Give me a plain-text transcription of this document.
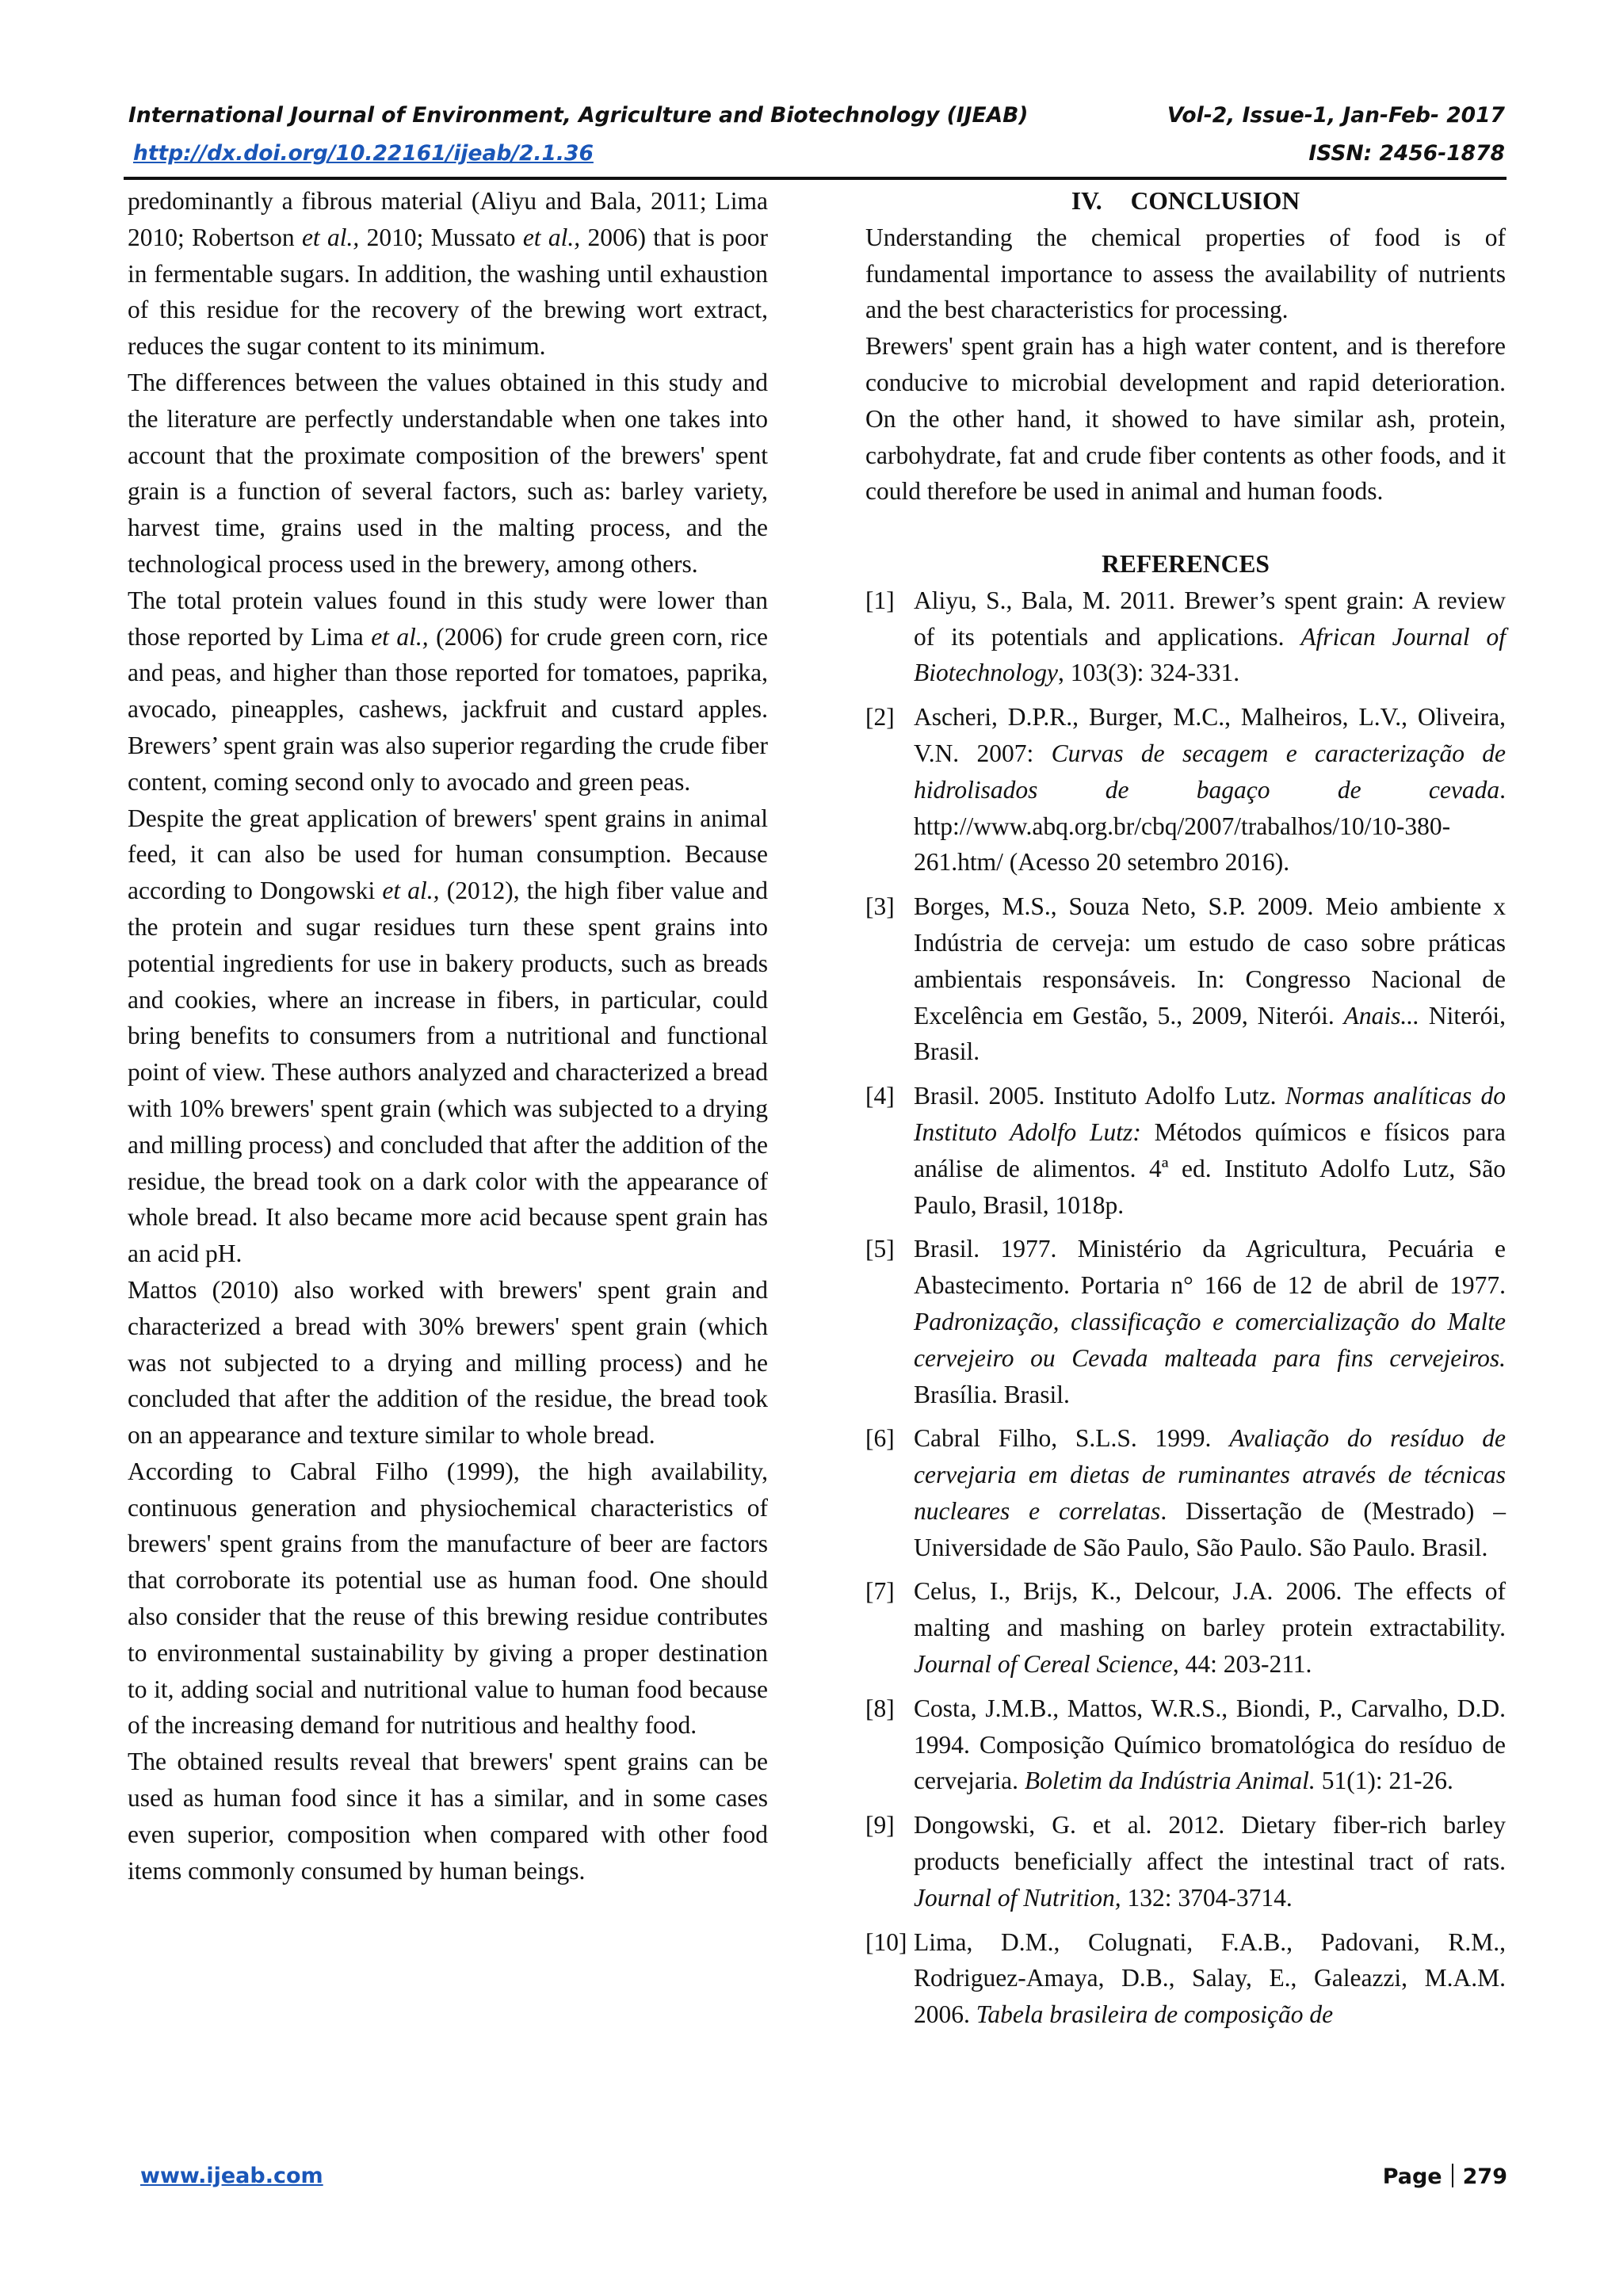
International Journal of Environment, Agriculture and Biotechnology (IJEAB)	Vol-2, Issue-1, Jan-Feb- 2017
http://dx.doi.org/10.22161/ijeab/2.1.36	ISSN: 2456-1878

predominantly a fibrous material (Aliyu and Bala, 2011; Lima 2010; Robertson et al., 2010; Mussato et al., 2006) that is poor in fermentable sugars. In addition, the washing until exhaustion of this residue for the recovery of the brewing wort extract, reduces the sugar content to its minimum.

The differences between the values obtained in this study and the literature are perfectly understandable when one takes into account that the proximate composition of the brewers' spent grain is a function of several factors, such as: barley variety, harvest time, grains used in the malting process, and the technological process used in the brewery, among others.

The total protein values found in this study were lower than those reported by Lima et al., (2006) for crude green corn, rice and peas, and higher than those reported for tomatoes, paprika, avocado, pineapples, cashews, jackfruit and custard apples. Brewers’ spent grain was also superior regarding the crude fiber content, coming second only to avocado and green peas.

Despite the great application of brewers' spent grains in animal feed, it can also be used for human consumption. Because according to Dongowski et al., (2012), the high fiber value and the protein and sugar residues turn these spent grains into potential ingredients for use in bakery products, such as breads and cookies, where an increase in fibers, in particular, could bring benefits to consumers from a nutritional and functional point of view. These authors analyzed and characterized a bread with 10% brewers' spent grain (which was subjected to a drying and milling process) and concluded that after the addition of the residue, the bread took on a dark color with the appearance of whole bread. It also became more acid because spent grain has an acid pH.

Mattos (2010) also worked with brewers' spent grain and characterized a bread with 30% brewers' spent grain (which was not subjected to a drying and milling process) and he concluded that after the addition of the residue, the bread took on an appearance and texture similar to whole bread.

According to Cabral Filho (1999), the high availability, continuous generation and physiochemical characteristics of brewers' spent grains from the manufacture of beer are factors that corroborate its potential use as human food. One should also consider that the reuse of this brewing residue contributes to environmental sustainability by giving a proper destination to it, adding social and nutritional value to human food because of the increasing demand for nutritious and healthy food.

The obtained results reveal that brewers' spent grains can be used as human food since it has a similar, and in some cases even superior, composition when compared with other food items commonly consumed by human beings.

IV. CONCLUSION

Understanding the chemical properties of food is of fundamental importance to assess the availability of nutrients and the best characteristics for processing.

Brewers' spent grain has a high water content, and is therefore conducive to microbial development and rapid deterioration. On the other hand, it showed to have similar ash, protein, carbohydrate, fat and crude fiber contents as other foods, and it could therefore be used in animal and human foods.

REFERENCES
[1] Aliyu, S., Bala, M. 2011. Brewer’s spent grain: A review of its potentials and applications. African Journal of Biotechnology, 103(3): 324-331.
[2] Ascheri, D.P.R., Burger, M.C., Malheiros, L.V., Oliveira, V.N. 2007: Curvas de secagem e caracterização de hidrolisados de bagaço de cevada. http://www.abq.org.br/cbq/2007/trabalhos/10/10-380-261.htm/ (Acesso 20 setembro 2016).
[3] Borges, M.S., Souza Neto, S.P. 2009. Meio ambiente x Indústria de cerveja: um estudo de caso sobre práticas ambientais responsáveis. In: Congresso Nacional de Excelência em Gestão, 5., 2009, Niterói. Anais... Niterói, Brasil.
[4] Brasil. 2005. Instituto Adolfo Lutz. Normas analíticas do Instituto Adolfo Lutz: Métodos químicos e físicos para análise de alimentos. 4ª ed. Instituto Adolfo Lutz, São Paulo, Brasil, 1018p.
[5] Brasil. 1977. Ministério da Agricultura, Pecuária e Abastecimento. Portaria n° 166 de 12 de abril de 1977. Padronização, classificação e comercialização do Malte cervejeiro ou Cevada malteada para fins cervejeiros. Brasília. Brasil.
[6] Cabral Filho, S.L.S. 1999. Avaliação do resíduo de cervejaria em dietas de ruminantes através de técnicas nucleares e correlatas. Dissertação de (Mestrado) – Universidade de São Paulo, São Paulo. São Paulo. Brasil.
[7] Celus, I., Brijs, K., Delcour, J.A. 2006. The effects of malting and mashing on barley protein extractability. Journal of Cereal Science, 44: 203-211.
[8] Costa, J.M.B., Mattos, W.R.S., Biondi, P., Carvalho, D.D. 1994. Composição Químico bromatológica do resíduo de cervejaria. Boletim da Indústria Animal. 51(1): 21-26.
[9] Dongowski, G. et al. 2012. Dietary fiber-rich barley products beneficially affect the intestinal tract of rats. Journal of Nutrition, 132: 3704-3714.
[10] Lima, D.M., Colugnati, F.A.B., Padovani, R.M., Rodriguez-Amaya, D.B., Salay, E., Galeazzi, M.A.M. 2006. Tabela brasileira de composição de
www.ijeab.com	Page 279
